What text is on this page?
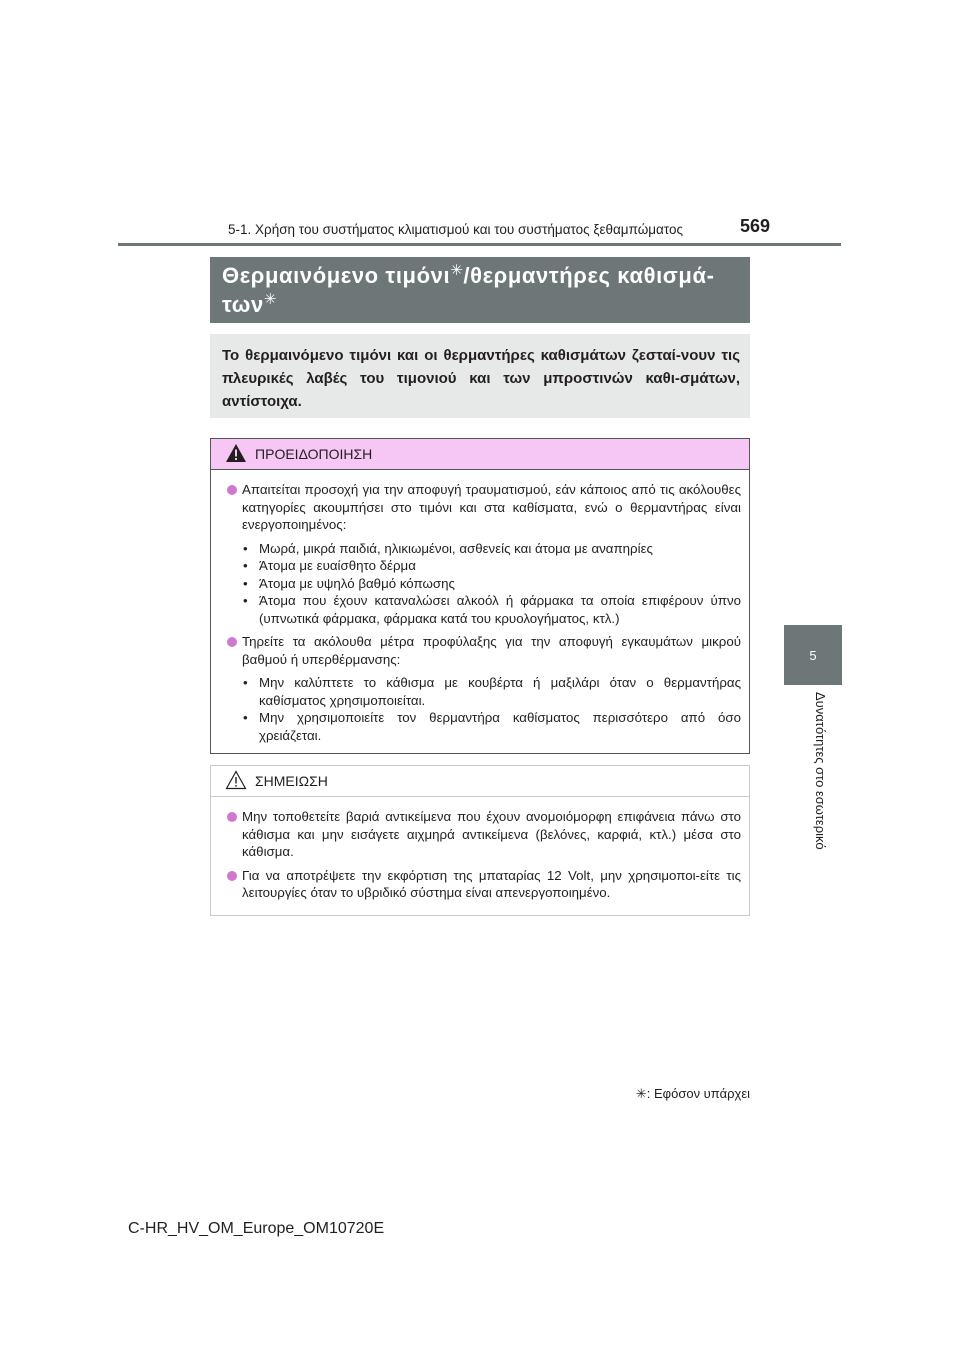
5-1. Χρήση του συστήματος κλιματισμού και του συστήματος ξεθαμπώματος	569
5
Δυνατότητες στο εσωτερικό
Θερμαινόμενο τιμόνι✳/θερμαντήρες καθισμά-
των✳
Το θερμαινόμενο τιμόνι και οι θερμαντήρες καθισμάτων ζεσταί-νουν τις πλευρικές λαβές του τιμονιού και των μπροστινών καθι-σμάτων, αντίστοιχα.
ΠΡΟΕΙΔΟΠΟΙΗΣΗ
Απαιτείται προσοχή για την αποφυγή τραυματισμού, εάν κάποιος από τις ακόλουθες κατηγορίες ακουμπήσει στο τιμόνι και στα καθίσματα, ενώ ο θερμαντήρας είναι ενεργοποιημένος:
• Μωρά, μικρά παιδιά, ηλικιωμένοι, ασθενείς και άτομα με αναπηρίες
• Άτομα με ευαίσθητο δέρμα
• Άτομα με υψηλό βαθμό κόπωσης
• Άτομα που έχουν καταναλώσει αλκοόλ ή φάρμακα τα οποία επιφέρουν ύπνο (υπνωτικά φάρμακα, φάρμακα κατά του κρυολογήματος, κτλ.)
Τηρείτε τα ακόλουθα μέτρα προφύλαξης για την αποφυγή εγκαυμάτων μικρού βαθμού ή υπερθέρμανσης:
• Μην καλύπτετε το κάθισμα με κουβέρτα ή μαξιλάρι όταν ο θερμαντήρας καθίσματος χρησιμοποιείται.
• Μην χρησιμοποιείτε τον θερμαντήρα καθίσματος περισσότερο από όσο χρειάζεται.
ΣΗΜΕΙΩΣΗ
Μην τοποθετείτε βαριά αντικείμενα που έχουν ανομοιόμορφη επιφάνεια πάνω στο κάθισμα και μην εισάγετε αιχμηρά αντικείμενα (βελόνες, καρφιά, κτλ.) μέσα στο κάθισμα.
Για να αποτρέψετε την εκφόρτιση της μπαταρίας 12 Volt, μην χρησιμοποι-είτε τις λειτουργίες όταν το υβριδικό σύστημα είναι απενεργοποιημένο.
✳: Εφόσον υπάρχει
C-HR_HV_OM_Europe_OM10720E
